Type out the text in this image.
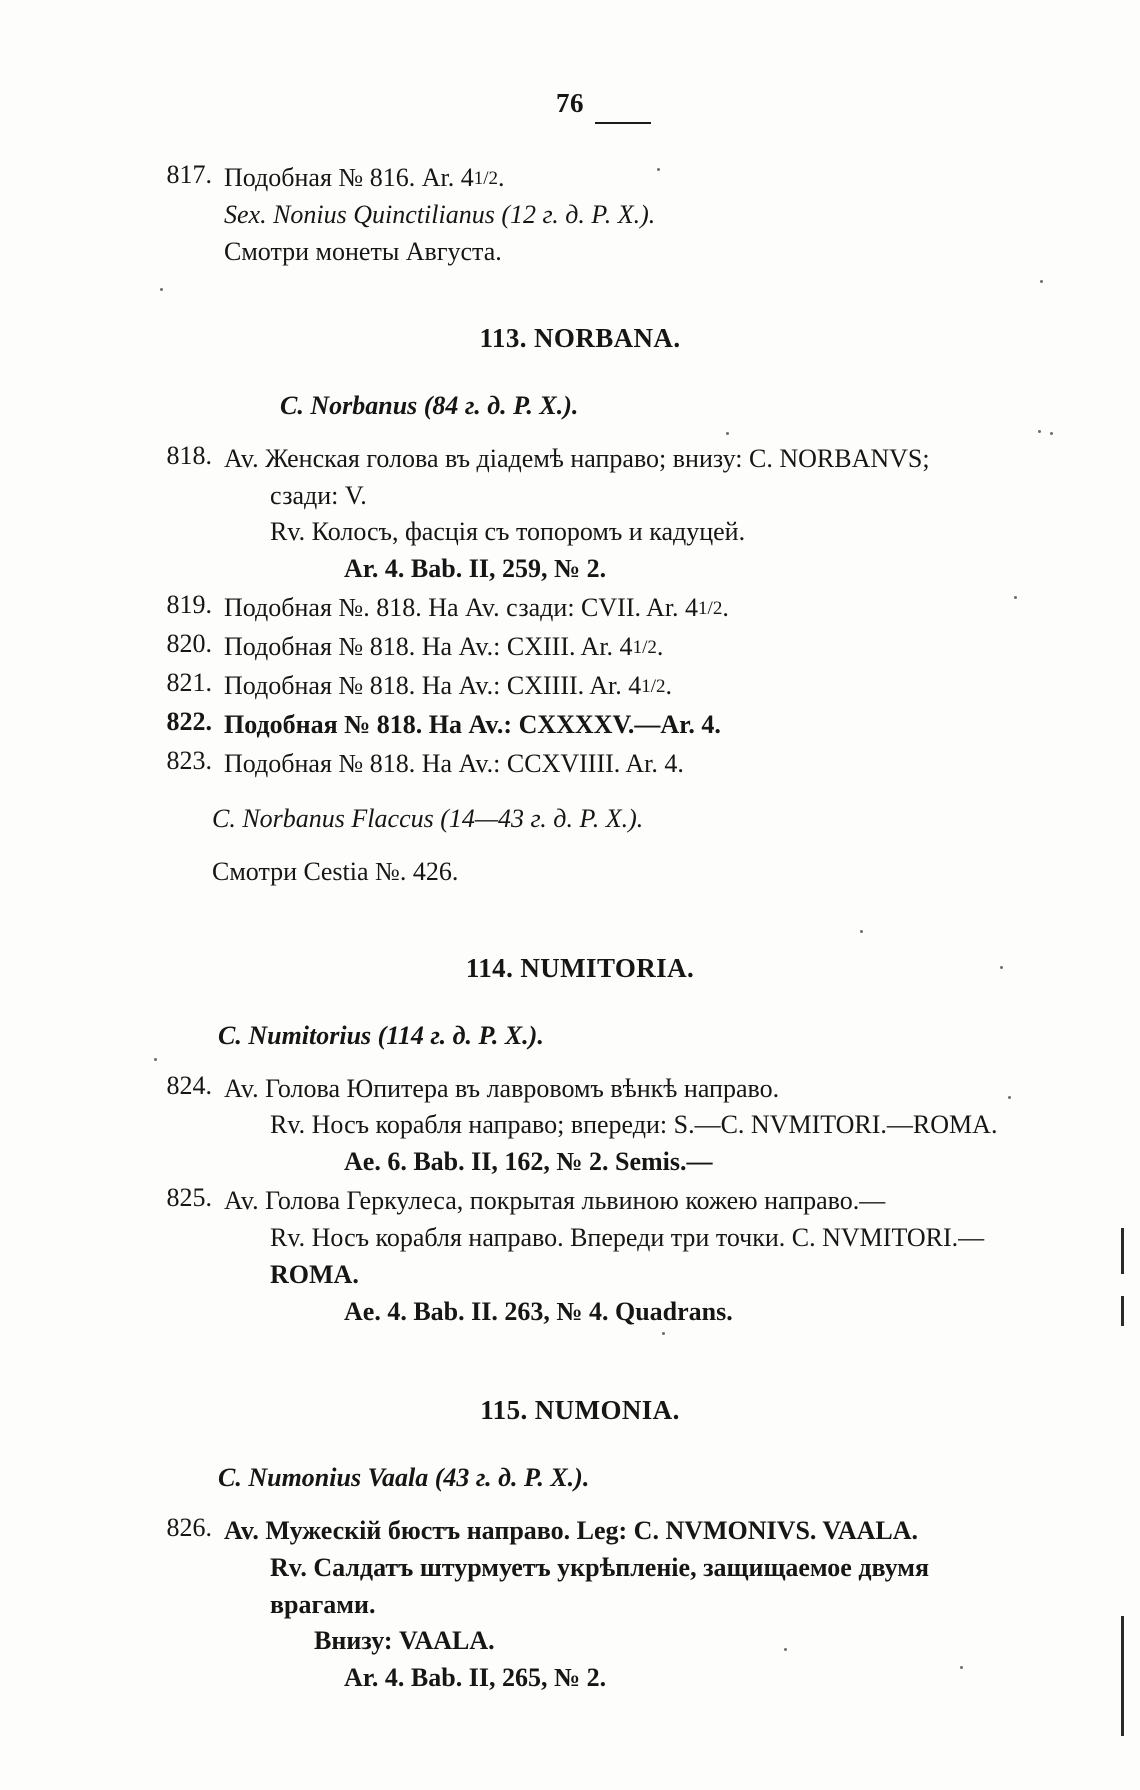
76
817. Подобная № 816. Ar. 41/2.
Sex. Nonius Quinctilianus (12 г. д. Р. Х.).
Смотри монеты Августа.
113. NORBANA.
C. Norbanus (84 г. д. Р. Х.).
818. Av. Женская голова въ діадемѣ направо; внизу: C. NORBANVS;
сзади: V.
Rv. Колосъ, фасція съ топоромъ и кадуцей.
Ar. 4. Bab. II, 259, № 2.
819. Подобная №. 818. На Av. сзади: CVII. Ar. 41/2.
820. Подобная № 818. На Av.: CXIII. Ar. 41/2.
821. Подобная № 818. На Av.: CXIIII. Ar. 41/2.
822. Подобная № 818. На Av.: CXXXXV.—Ar. 4.
823. Подобная № 818. На Av.: CCXVIIII. Ar. 4.
C. Norbanus Flaccus (14—43 г. д. Р. Х.).
Смотри Cestia №. 426.
114. NUMITORIA.
C. Numitorius (114 г. д. Р. Х.).
824. Av. Голова Юпитера въ лавровомъ вѣнкѣ направо.
Rv. Носъ корабля направо; впереди: S.—C. NVMITORI.—ROMA.
Ae. 6. Bab. II, 162, № 2. Semis.—
825. Av. Голова Геркулеса, покрытая львиною кожею направо.—
Rv. Носъ корабля направо. Впереди три точки. C. NVMITORI.—
ROMA.
Ae. 4. Bab. II. 263, № 4. Quadrans.
115. NUMONIA.
C. Numonius Vaala (43 г. д. Р. Х.).
826. Av. Мужескій бюстъ направо. Leg: C. NVMONIVS. VAALA.
Rv. Салдатъ штурмуетъ укрѣпленіе, защищаемое двумя врагами.
Внизу: VAALA.
Ar. 4. Bab. II, 265, № 2.
